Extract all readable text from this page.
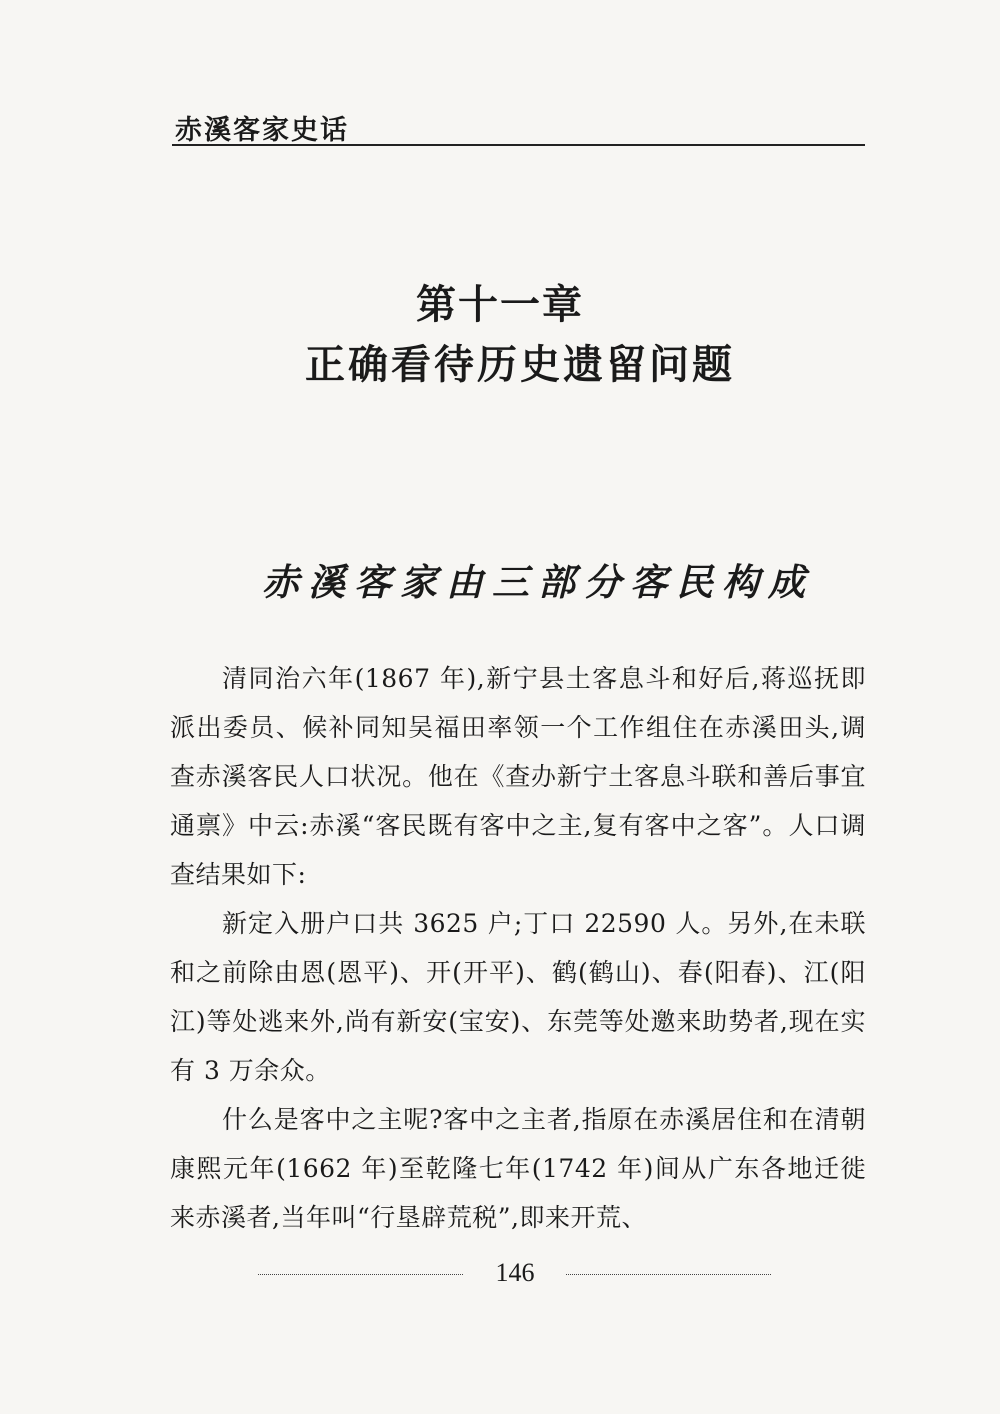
赤溪客家史话
第十一章
正确看待历史遗留问题
赤溪客家由三部分客民构成

清同治六年(1867 年),新宁县土客息斗和好后,蒋巡抚即派出委员、候补同知吴福田率领一个工作组住在赤溪田头,调查赤溪客民人口状况。他在《查办新宁土客息斗联和善后事宜通禀》中云:赤溪“客民既有客中之主,复有客中之客”。人口调查结果如下:

新定入册户口共 3625 户;丁口 22590 人。另外,在未联和之前除由恩(恩平)、开(开平)、鹤(鹤山)、春(阳春)、江(阳江)等处逃来外,尚有新安(宝安)、东莞等处邀来助势者,现在实有 3 万余众。

什么是客中之主呢?客中之主者,指原在赤溪居住和在清朝康熙元年(1662 年)至乾隆七年(1742 年)间从广东各地迁徙来赤溪者,当年叫“行垦辟荒税”,即来开荒、

146
